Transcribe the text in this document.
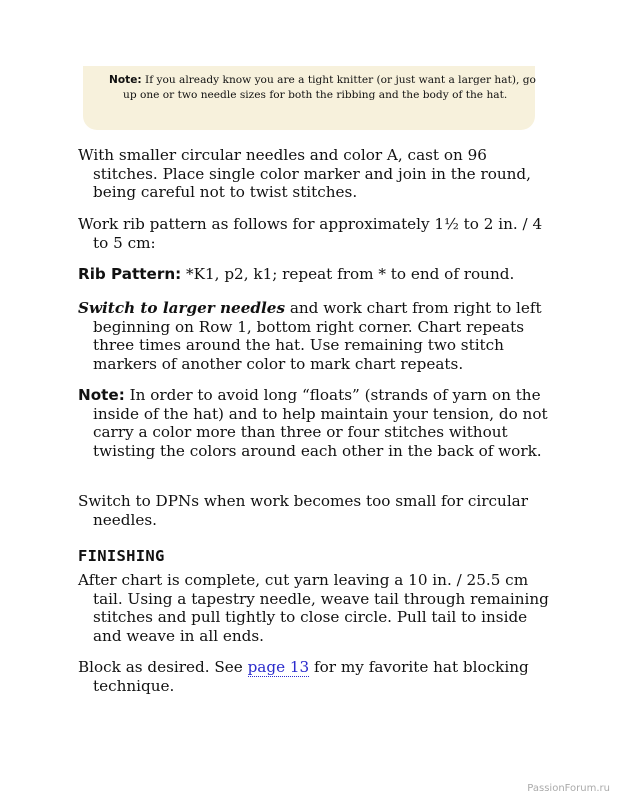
Note: If you already know you are a tight knitter (or just want a larger hat), go up one or two needle sizes for both the ribbing and the body of the hat.

With smaller circular needles and color A, cast on 96 stitches. Place single color marker and join in the round, being careful not to twist stitches.

Work rib pattern as follows for approximately 1½ to 2 in. / 4 to 5 cm:

Rib Pattern: *K1, p2, k1; repeat from * to end of round.

Switch to larger needles and work chart from right to left beginning on Row 1, bottom right corner. Chart repeats three times around the hat. Use remaining two stitch markers of another color to mark chart repeats.

Note: In order to avoid long “floats” (strands of yarn on the inside of the hat) and to help maintain your tension, do not carry a color more than three or four stitches without twisting the colors around each other in the back of work.

Switch to DPNs when work becomes too small for circular needles.

FINISHING

After chart is complete, cut yarn leaving a 10 in. / 25.5 cm tail. Using a tapestry needle, weave tail through remaining stitches and pull tightly to close circle. Pull tail to inside and weave in all ends.

Block as desired. See page 13 for my favorite hat blocking technique.

PassionForum.ru
